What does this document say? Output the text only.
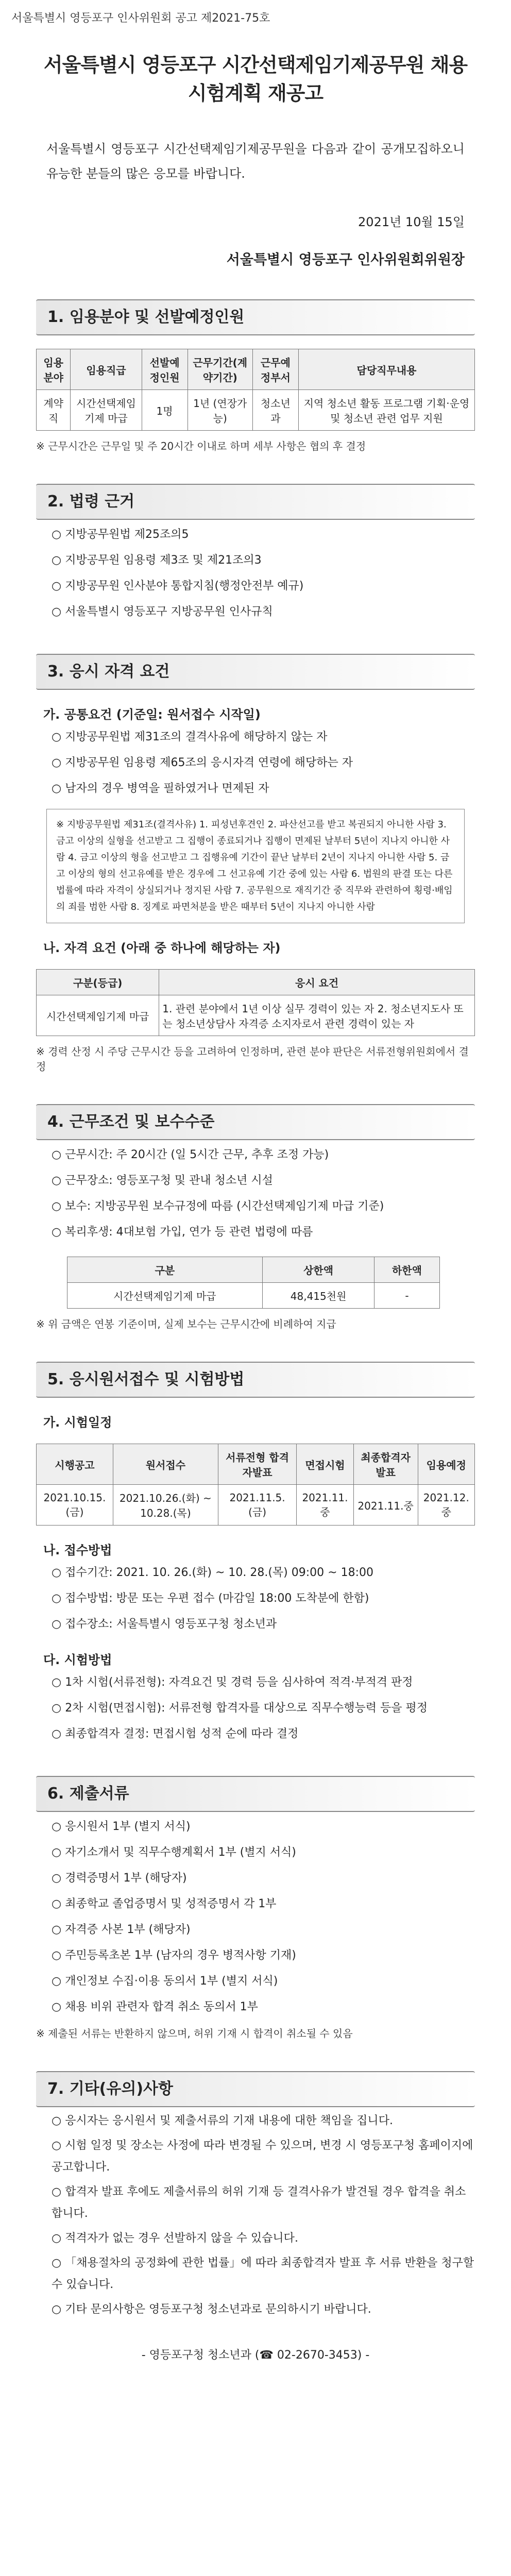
서울특별시 영등포구 인사위원회 공고 제2021-75호
서울특별시 영등포구 시간선택제임기제공무원 채용시험계획 재공고
서울특별시 영등포구 시간선택제임기제공무원을 다음과 같이 공개모집하오니 유능한 분들의 많은 응모를 바랍니다.
2021년 10월 15일
서울특별시 영등포구 인사위원회위원장
1. 임용분야 및 선발예정인원
임용분야	임용직급	선발예정인원	근무기간(계약기간)	근무예정부서	담당직무내용
계약직	시간선택제임기제 마급	1명	1년 (연장가능)	청소년과	지역 청소년 활동 프로그램 기획·운영 및 청소년 관련 업무 지원
※ 근무시간은 근무일 및 주 20시간 이내로 하며 세부 사항은 협의 후 결정
2. 법령 근거
○ 지방공무원법 제25조의5
○ 지방공무원 임용령 제3조 및 제21조의3
○ 지방공무원 인사분야 통합지침(행정안전부 예규)
○ 서울특별시 영등포구 지방공무원 인사규칙
3. 응시 자격 요건
가. 공통요건 (기준일: 원서접수 시작일)
○ 지방공무원법 제31조의 결격사유에 해당하지 않는 자
○ 지방공무원 임용령 제65조의 응시자격 연령에 해당하는 자
○ 남자의 경우 병역을 필하였거나 면제된 자
※ 지방공무원법 제31조(결격사유) 1. 피성년후견인 2. 파산선고를 받고 복권되지 아니한 사람 3. 금고 이상의 실형을 선고받고 그 집행이 종료되거나 집행이 면제된 날부터 5년이 지나지 아니한 사람 4. 금고 이상의 형을 선고받고 그 집행유예 기간이 끝난 날부터 2년이 지나지 아니한 사람 5. 금고 이상의 형의 선고유예를 받은 경우에 그 선고유예 기간 중에 있는 사람 6. 법원의 판결 또는 다른 법률에 따라 자격이 상실되거나 정지된 사람 7. 공무원으로 재직기간 중 직무와 관련하여 횡령·배임의 죄를 범한 사람 8. 징계로 파면처분을 받은 때부터 5년이 지나지 아니한 사람
나. 자격 요건 (아래 중 하나에 해당하는 자)
구분(등급)	응시 요건
시간선택제임기제 마급	1. 관련 분야에서 1년 이상 실무 경력이 있는 자 2. 청소년지도사 또는 청소년상담사 자격증 소지자로서 관련 경력이 있는 자
※ 경력 산정 시 주당 근무시간 등을 고려하여 인정하며, 관련 분야 판단은 서류전형위원회에서 결정
4. 근무조건 및 보수수준
○ 근무시간: 주 20시간 (일 5시간 근무, 추후 조정 가능)
○ 근무장소: 영등포구청 및 관내 청소년 시설
○ 보수: 지방공무원 보수규정에 따름 (시간선택제임기제 마급 기준)
○ 복리후생: 4대보험 가입, 연가 등 관련 법령에 따름
구분	상한액	하한액
시간선택제임기제 마급	48,415천원	-
※ 위 금액은 연봉 기준이며, 실제 보수는 근무시간에 비례하여 지급
5. 응시원서접수 및 시험방법
가. 시험일정
시행공고	원서접수	서류전형 합격자발표	면접시험	최종합격자 발표	임용예정
2021.10.15.(금)	2021.10.26.(화) ~ 10.28.(목)	2021.11.5.(금)	2021.11.중	2021.11.중	2021.12.중
나. 접수방법
○ 접수기간: 2021. 10. 26.(화) ~ 10. 28.(목) 09:00 ~ 18:00
○ 접수방법: 방문 또는 우편 접수 (마감일 18:00 도착분에 한함)
○ 접수장소: 서울특별시 영등포구청 청소년과
다. 시험방법
○ 1차 시험(서류전형): 자격요건 및 경력 등을 심사하여 적격·부적격 판정
○ 2차 시험(면접시험): 서류전형 합격자를 대상으로 직무수행능력 등을 평정
○ 최종합격자 결정: 면접시험 성적 순에 따라 결정
6. 제출서류
○ 응시원서 1부 (별지 서식)
○ 자기소개서 및 직무수행계획서 1부 (별지 서식)
○ 경력증명서 1부 (해당자)
○ 최종학교 졸업증명서 및 성적증명서 각 1부
○ 자격증 사본 1부 (해당자)
○ 주민등록초본 1부 (남자의 경우 병적사항 기재)
○ 개인정보 수집·이용 동의서 1부 (별지 서식)
○ 채용 비위 관련자 합격 취소 동의서 1부
※ 제출된 서류는 반환하지 않으며, 허위 기재 시 합격이 취소될 수 있음
7. 기타(유의)사항
○ 응시자는 응시원서 및 제출서류의 기재 내용에 대한 책임을 집니다.
○ 시험 일정 및 장소는 사정에 따라 변경될 수 있으며, 변경 시 영등포구청 홈페이지에 공고합니다.
○ 합격자 발표 후에도 제출서류의 허위 기재 등 결격사유가 발견될 경우 합격을 취소합니다.
○ 적격자가 없는 경우 선발하지 않을 수 있습니다.
○ 「채용절차의 공정화에 관한 법률」에 따라 최종합격자 발표 후 서류 반환을 청구할 수 있습니다.
○ 기타 문의사항은 영등포구청 청소년과로 문의하시기 바랍니다.
- 영등포구청 청소년과 (☎ 02-2670-3453) -
